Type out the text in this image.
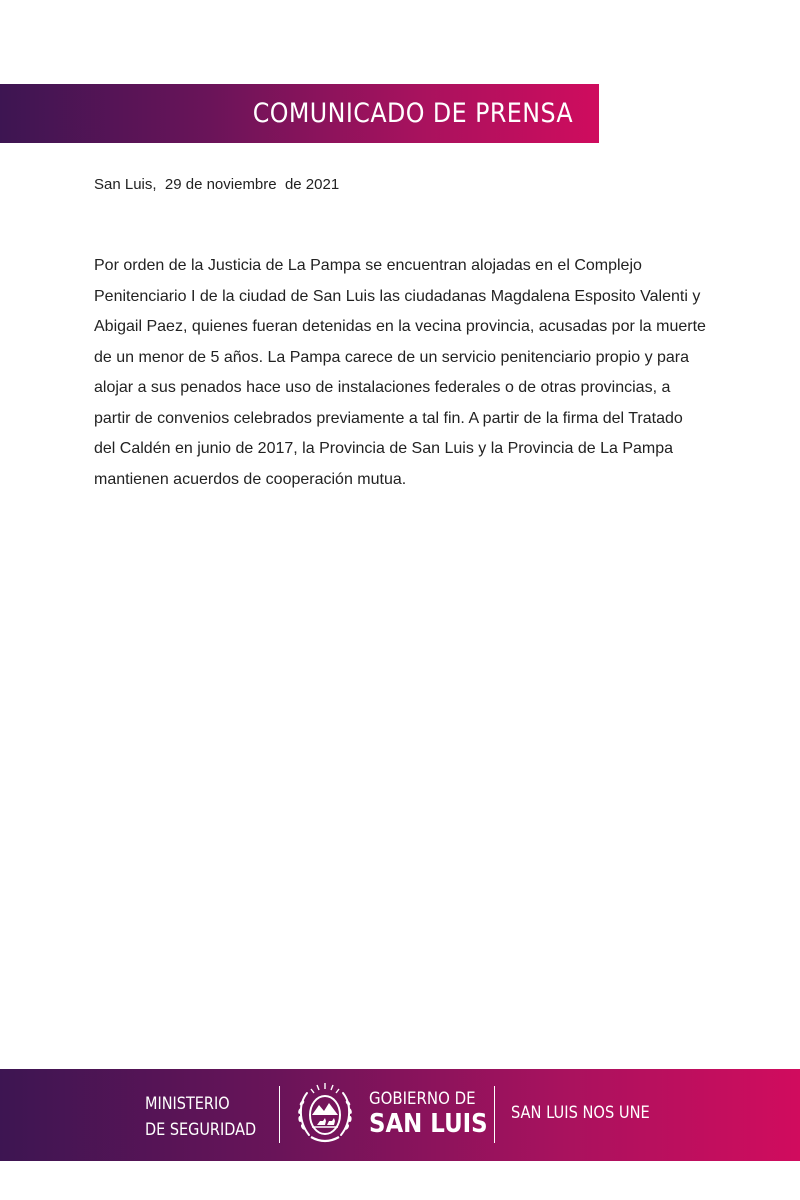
COMUNICADO DE PRENSA
San Luis,  29 de noviembre  de 2021

Por orden de la Justicia de La Pampa se encuentran alojadas en el Complejo Penitenciario I de la ciudad de San Luis las ciudadanas Magdalena Esposito Valenti y Abigail Paez, quienes fueran detenidas en la vecina provincia, acusadas por la muerte de un menor de 5 años. La Pampa carece de un servicio penitenciario propio y para alojar a sus penados hace uso de instalaciones federales o de otras provincias, a partir de convenios celebrados previamente a tal fin. A partir de la firma del Tratado del Caldén en junio de 2017, la Provincia de San Luis y la Provincia de La Pampa mantienen acuerdos de cooperación mutua.

MINISTERIO
DE SEGURIDAD
GOBIERNO DE
SAN LUIS SAN LUIS NOS UNE
